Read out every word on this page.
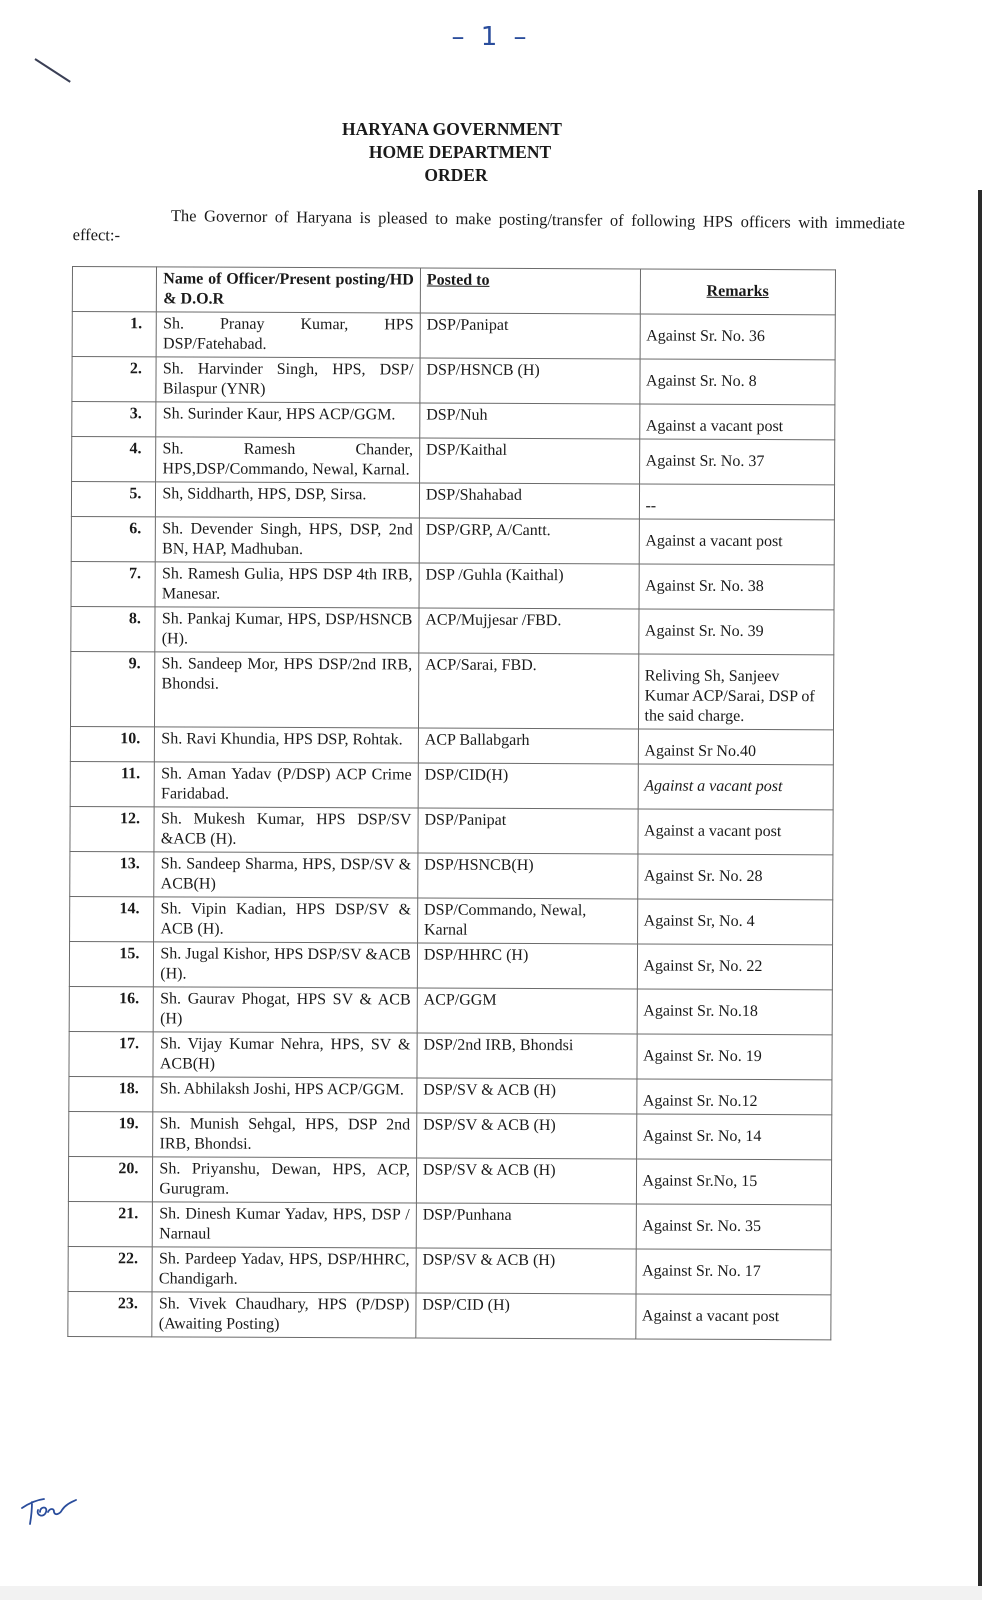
– 1 –
HARYANA GOVERNMENT
HOME DEPARTMENT
ORDER
The Governor of Haryana is pleased to make posting/transfer of following HPS officers with immediate effect:-
	Name of Officer/Present posting/HD & D.O.R	Posted to	Remarks
1.	Sh. Pranay Kumar, HPS DSP/Fatehabad.	DSP/Panipat	Against Sr. No. 36
2.	Sh. Harvinder Singh, HPS, DSP/ Bilaspur (YNR)	DSP/HSNCB (H)	Against Sr. No. 8
3.	Sh. Surinder Kaur, HPS ACP/GGM.	DSP/Nuh	Against a vacant post
4.	Sh. Ramesh Chander, HPS,DSP/Commando, Newal, Karnal.	DSP/Kaithal	Against Sr. No. 37
5.	Sh, Siddharth, HPS, DSP, Sirsa.	DSP/Shahabad	--
6.	Sh. Devender Singh, HPS, DSP, 2nd BN, HAP, Madhuban.	DSP/GRP, A/Cantt.	Against a vacant post
7.	Sh. Ramesh Gulia, HPS DSP 4th IRB, Manesar.	DSP /Guhla (Kaithal)	Against Sr. No. 38
8.	Sh. Pankaj Kumar, HPS, DSP/HSNCB (H).	ACP/Mujjesar /FBD.	Against Sr. No. 39
9.	Sh. Sandeep Mor, HPS DSP/2nd IRB, Bhondsi.	ACP/Sarai, FBD.	Reliving Sh, Sanjeev Kumar ACP/Sarai, DSP of the said charge.
10.	Sh. Ravi Khundia, HPS DSP, Rohtak.	ACP Ballabgarh	Against Sr No.40
11.	Sh. Aman Yadav (P/DSP) ACP Crime Faridabad.	DSP/CID(H)	Against a vacant post
12.	Sh. Mukesh Kumar, HPS DSP/SV &ACB (H).	DSP/Panipat	Against a vacant post
13.	Sh. Sandeep Sharma, HPS, DSP/SV & ACB(H)	DSP/HSNCB(H)	Against Sr. No. 28
14.	Sh. Vipin Kadian, HPS DSP/SV & ACB (H).	DSP/Commando, Newal, Karnal	Against Sr, No. 4
15.	Sh. Jugal Kishor, HPS DSP/SV &ACB (H).	DSP/HHRC (H)	Against Sr, No. 22
16.	Sh. Gaurav Phogat, HPS SV & ACB (H)	ACP/GGM	Against Sr. No.18
17.	Sh. Vijay Kumar Nehra, HPS, SV & ACB(H)	DSP/2nd IRB, Bhondsi	Against Sr. No. 19
18.	Sh. Abhilaksh Joshi, HPS ACP/GGM.	DSP/SV & ACB (H)	Against Sr. No.12
19.	Sh. Munish Sehgal, HPS, DSP 2nd IRB, Bhondsi.	DSP/SV & ACB (H)	Against Sr. No, 14
20.	Sh. Priyanshu, Dewan, HPS, ACP, Gurugram.	DSP/SV & ACB (H)	Against Sr.No, 15
21.	Sh. Dinesh Kumar Yadav, HPS, DSP / Narnaul	DSP/Punhana	Against Sr. No. 35
22.	Sh. Pardeep Yadav, HPS, DSP/HHRC, Chandigarh.	DSP/SV & ACB (H)	Against Sr. No. 17
23.	Sh. Vivek Chaudhary, HPS (P/DSP) (Awaiting Posting)	DSP/CID (H)	Against a vacant post
